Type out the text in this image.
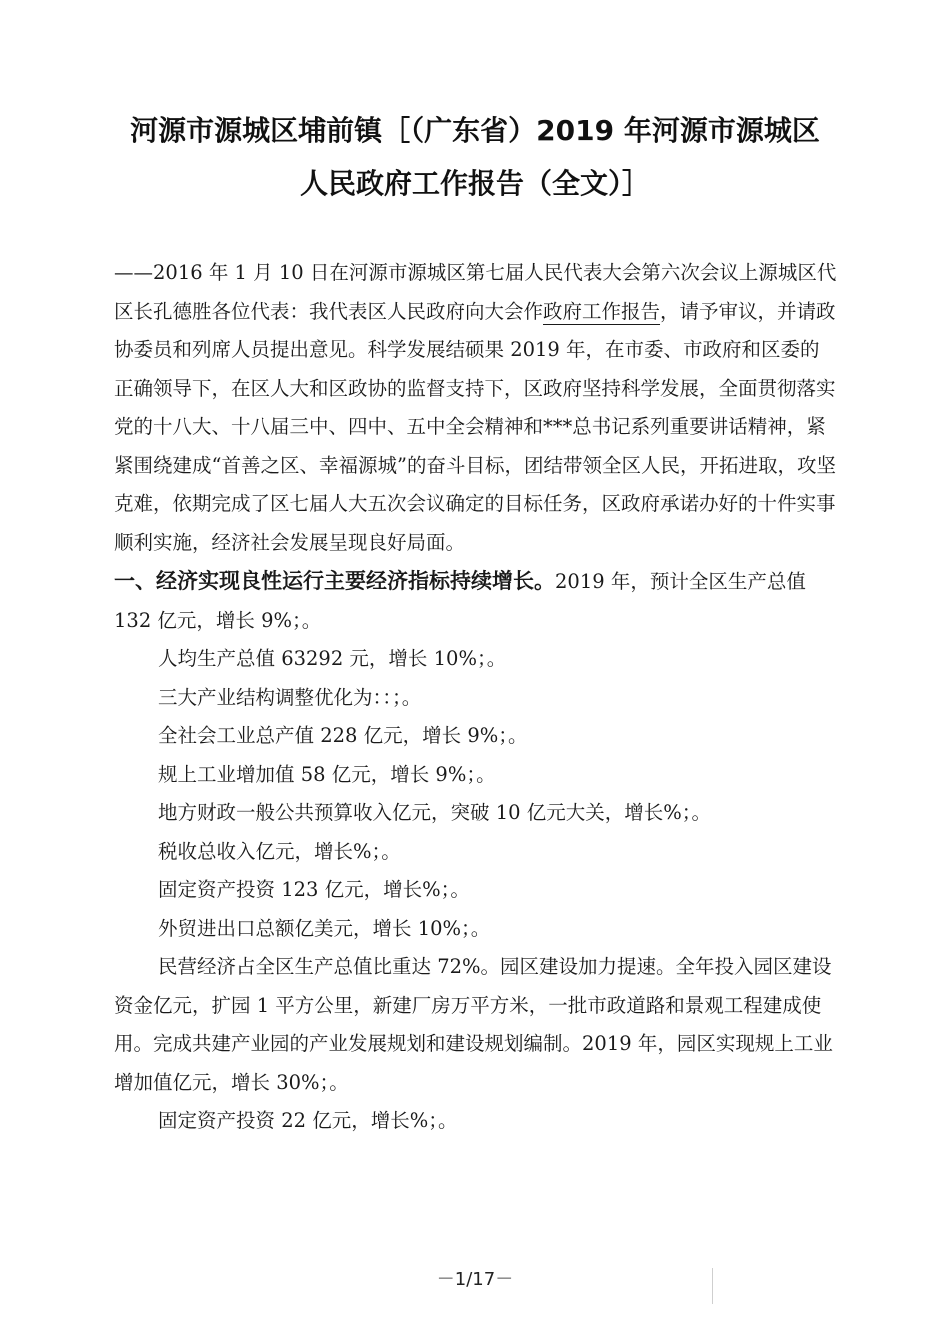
河源市源城区埔前镇［（广东省）2019 年河源市源城区
人民政府工作报告（全文）］

——2016 年 1 月 10 日在河源市源城区第七届人民代表大会第六次会议上源城区代区长孔德胜各位代表：我代表区人民政府向大会作政府工作报告，请予审议，并请政协委员和列席人员提出意见。科学发展结硕果 2019 年，在市委、市政府和区委的正确领导下，在区人大和区政协的监督支持下，区政府坚持科学发展，全面贯彻落实党的十八大、十八届三中、四中、五中全会精神和***总书记系列重要讲话精神，紧紧围绕建成“首善之区、幸福源城”的奋斗目标，团结带领全区人民，开拓进取，攻坚克难，依期完成了区七届人大五次会议确定的目标任务，区政府承诺办好的十件实事顺利实施，经济社会发展呈现良好局面。

一、经济实现良性运行主要经济指标持续增长。2019 年，预计全区生产总值 132 亿元，增长 9%；。

人均生产总值 63292 元，增长 10%；。

三大产业结构调整优化为：：；。

全社会工业总产值 228 亿元，增长 9%；。

规上工业增加值 58 亿元，增长 9%；。

地方财政一般公共预算收入亿元，突破 10 亿元大关，增长%；。

税收总收入亿元，增长%；。

固定资产投资 123 亿元，增长%；。

外贸进出口总额亿美元，增长 10%；。

民营经济占全区生产总值比重达 72%。园区建设加力提速。全年投入园区建设资金亿元，扩园 1 平方公里，新建厂房万平方米，一批市政道路和景观工程建成使用。完成共建产业园的产业发展规划和建设规划编制。2019 年，园区实现规上工业增加值亿元，增长 30%；。

固定资产投资 22 亿元，增长%；。

－1/17－
